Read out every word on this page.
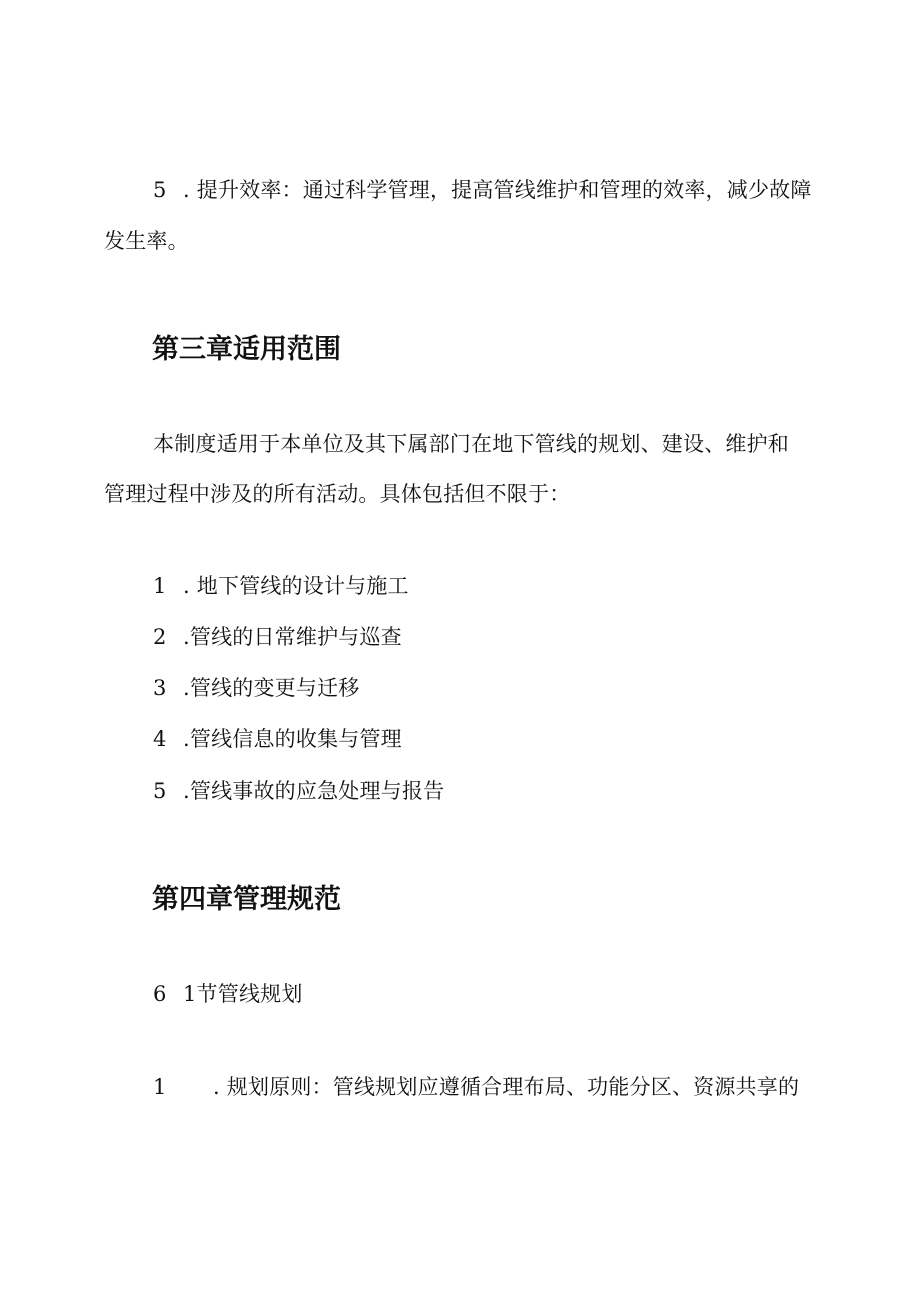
5 . 提升效率：通过科学管理，提高管线维护和管理的效率，减少故障
发生率。
第三章适用范围
本制度适用于本单位及其下属部门在地下管线的规划、建设、维护和
管理过程中涉及的所有活动。具体包括但不限于：
1 . 地下管线的设计与施工
2 .管线的日常维护与巡查
3 .管线的变更与迁移
4 .管线信息的收集与管理
5 .管线事故的应急处理与报告
第四章管理规范
6 1节管线规划
1 . 规划原则：管线规划应遵循合理布局、功能分区、资源共享的
